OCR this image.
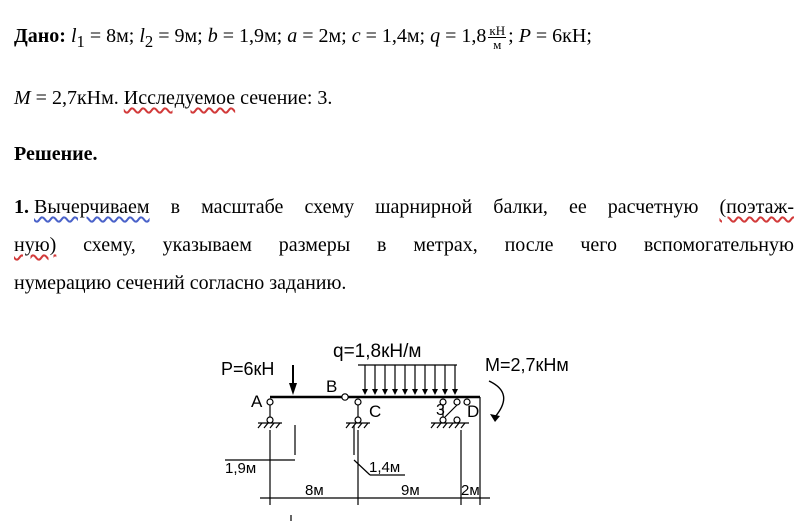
Дано: $l_1 = 8м$; $l_2 = 9м$; b = 1,9м; a = 2м; c = 1,4м; $q = 1,8 \frac{кН}{м}$ ; P = 6кН;
M = 2,7кНм. Исследуемое сечение: 3.
Решение.
1. Вычерчиваем в масштабе схему шарнирной балки, ее расчетную (поэтаж-
ную) схему, указываем размеры в метрах, после чего вспомогательную
нумерацию сечений согласно заданию.
P=6кН
q=1,8кН/м
M=2,7кНм
A
B
C	3 D
1,9м	1,4м
8м	9м	2м
